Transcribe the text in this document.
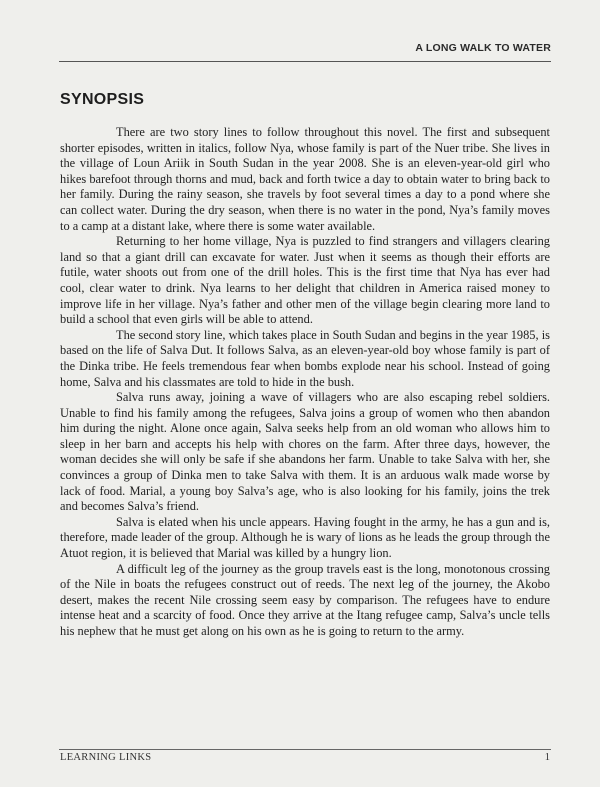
A LONG WALK TO WATER
SYNOPSIS

There are two story lines to follow throughout this novel. The first and subsequent shorter episodes, written in italics, follow Nya, whose family is part of the Nuer tribe. She lives in the village of Loun Ariik in South Sudan in the year 2008. She is an eleven-year-old girl who hikes barefoot through thorns and mud, back and forth twice a day to obtain water to bring back to her family. During the rainy season, she travels by foot several times a day to a pond where she can collect water. During the dry season, when there is no water in the pond, Nya’s family moves to a camp at a distant lake, where there is some water available.

Returning to her home village, Nya is puzzled to find strangers and villagers clearing land so that a giant drill can excavate for water. Just when it seems as though their efforts are futile, water shoots out from one of the drill holes. This is the first time that Nya has ever had cool, clear water to drink. Nya learns to her delight that children in America raised money to improve life in her village. Nya’s father and other men of the village begin clearing more land to build a school that even girls will be able to attend.

The second story line, which takes place in South Sudan and begins in the year 1985, is based on the life of Salva Dut. It follows Salva, as an eleven-year-old boy whose family is part of the Dinka tribe. He feels tremendous fear when bombs explode near his school. Instead of going home, Salva and his classmates are told to hide in the bush.

Salva runs away, joining a wave of villagers who are also escaping rebel soldiers. Unable to find his family among the refugees, Salva joins a group of women who then abandon him during the night. Alone once again, Salva seeks help from an old woman who allows him to sleep in her barn and accepts his help with chores on the farm. After three days, however, the woman decides she will only be safe if she abandons her farm. Unable to take Salva with her, she convinces a group of Dinka men to take Salva with them. It is an arduous walk made worse by lack of food. Marial, a young boy Salva’s age, who is also looking for his family, joins the trek and becomes Salva’s friend.

Salva is elated when his uncle appears. Having fought in the army, he has a gun and is, therefore, made leader of the group. Although he is wary of lions as he leads the group through the Atuot region, it is believed that Marial was killed by a hungry lion.

A difficult leg of the journey as the group travels east is the long, monotonous crossing of the Nile in boats the refugees construct out of reeds. The next leg of the journey, the Akobo desert, makes the recent Nile crossing seem easy by comparison. The refugees have to endure intense heat and a scarcity of food. Once they arrive at the Itang refugee camp, Salva’s uncle tells his nephew that he must get along on his own as he is going to return to the army.

LEARNING LINKS	1
